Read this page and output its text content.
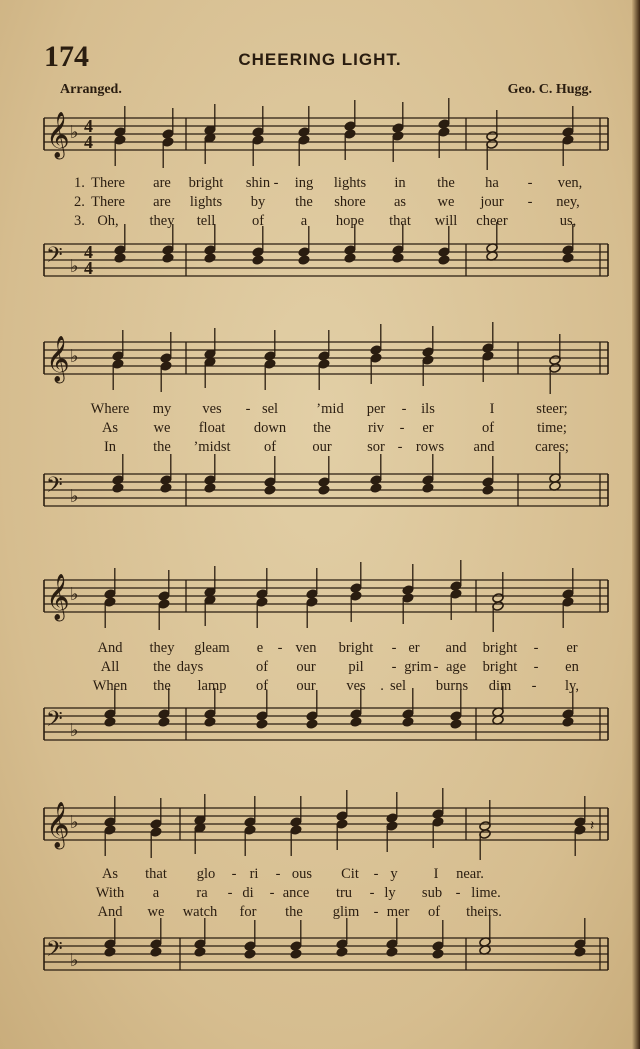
174	CHEERING LIGHT.
Arranged.	Geo. C. Hugg.
1. There are bright shin - ing lights in the ha - ven,
2. There are lights by the shore as we jour - ney,
3. Oh, they tell	of	a hope that will cheer	us,
Where my ves - sel	’mid per - ils	I	steer;
As we float down the	riv - er	of	time;
In	the ’midst of	our sor - rows and	cares;
And they gleam e - ven bright - er and bright - er
All the days	of our pil - grim - age bright - en
When the lamp of our ves . sel burns dim - ly,
As that glo - ri - ous Cit - y I near.
With a	ra - di - ance tru - ly sub - lime.
And we watch for the glim - mer of theirs.
𝄞 ♭ 4
4
𝄢 ♭
4
4
𝄞 ♭
𝄢 ♭
𝄞 ♭
𝄢 ♭
𝄞 ♭
𝄢 ♭
𝄽
